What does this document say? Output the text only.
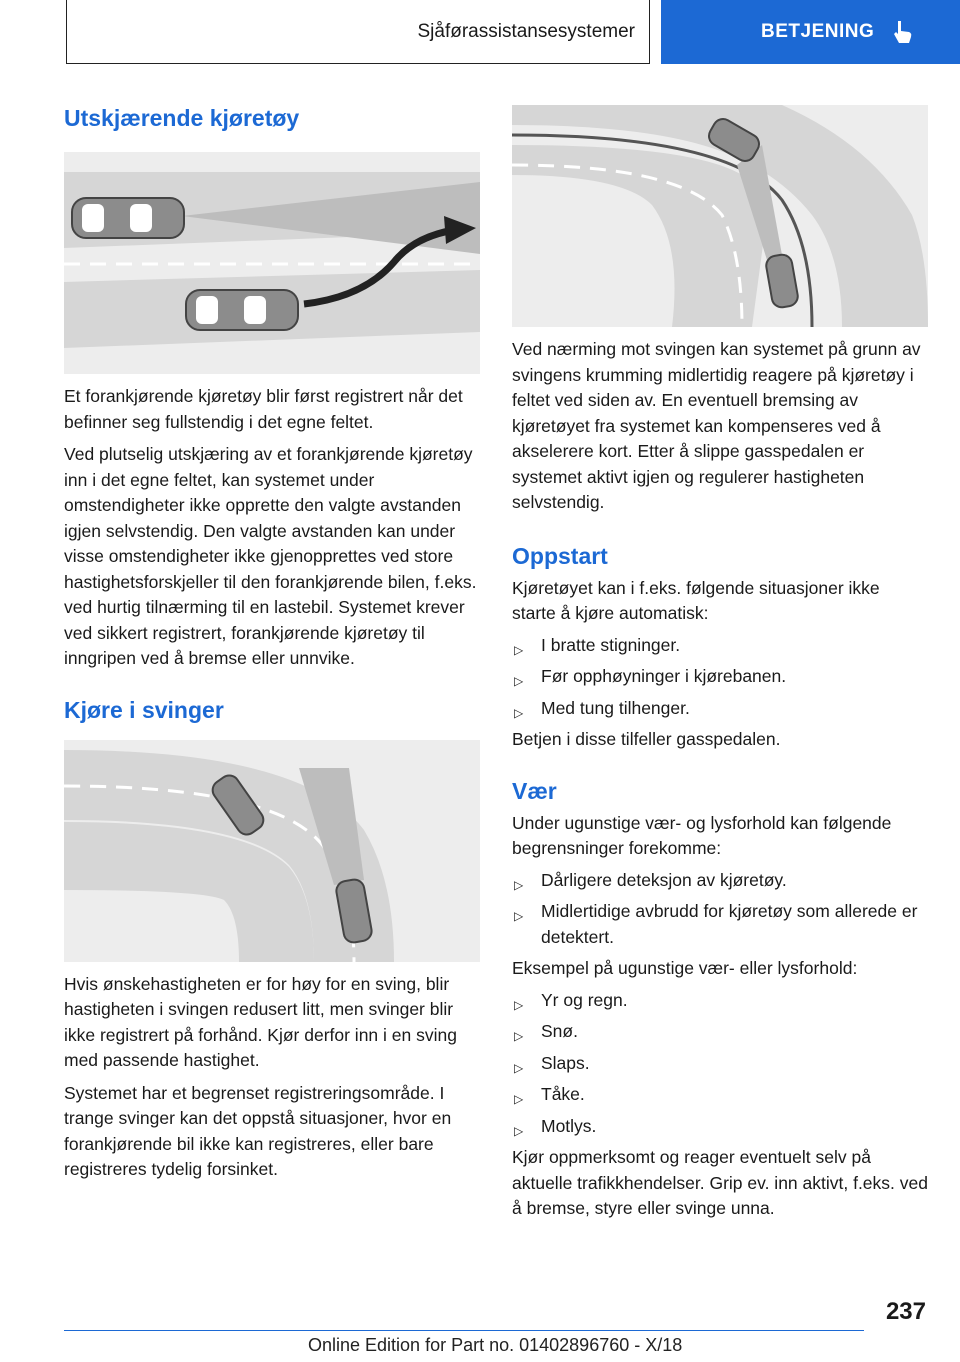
Sjåførassistansesystemer	BETJENING
Utskjærende kjøretøy

Et forankjørende kjøretøy blir først registrert når det befinner seg fullstendig i det egne feltet.

Ved plutselig utskjæring av et forankjørende kjøretøy inn i det egne feltet, kan systemet under omstendigheter ikke opprette den valgte avstanden igjen selvstendig. Den valgte avstanden kan under visse omstendigheter ikke gjenopprettes ved store hastighetsforskjeller til den forankjørende bilen, f.eks. ved hurtig tilnærming til en lastebil. Systemet krever ved sikkert registrert, forankjørende kjøretøy til inngripen ved å bremse eller unnvike.

Kjøre i svinger

Hvis ønskehastigheten er for høy for en sving, blir hastigheten i svingen redusert litt, men svinger blir ikke registrert på forhånd. Kjør derfor inn i en sving med passende hastighet.

Systemet har et begrenset registreringsområde. I trange svinger kan det oppstå situasjoner, hvor en forankjørende bil ikke kan registreres, eller bare registreres tydelig forsinket.

Ved nærming mot svingen kan systemet på grunn av svingens krumming midlertidig reagere på kjøretøy i feltet ved siden av. En eventuell bremsing av kjøretøyet fra systemet kan kompenseres ved å akselerere kort. Etter å slippe gasspedalen er systemet aktivt igjen og regulerer hastigheten selvstendig.

Oppstart

Kjøretøyet kan i f.eks. følgende situasjoner ikke starte å kjøre automatisk:

▷ I bratte stigninger.
▷ Før opphøyninger i kjørebanen.
▷ Med tung tilhenger.

Betjen i disse tilfeller gasspedalen.

Vær

Under ugunstige vær- og lysforhold kan følgende begrensninger forekomme:

▷ Dårligere deteksjon av kjøretøy.
▷ Midlertidige avbrudd for kjøretøy som allerede er detektert.

Eksempel på ugunstige vær- eller lysforhold:

▷ Yr og regn.
▷ Snø.
▷ Slaps.
▷ Tåke.
▷ Motlys.

Kjør oppmerksomt og reager eventuelt selv på aktuelle trafikkhendelser. Grip ev. inn aktivt, f.eks. ved å bremse, styre eller svinge unna.

237
Online Edition for Part no. 01402896760 - X/18
